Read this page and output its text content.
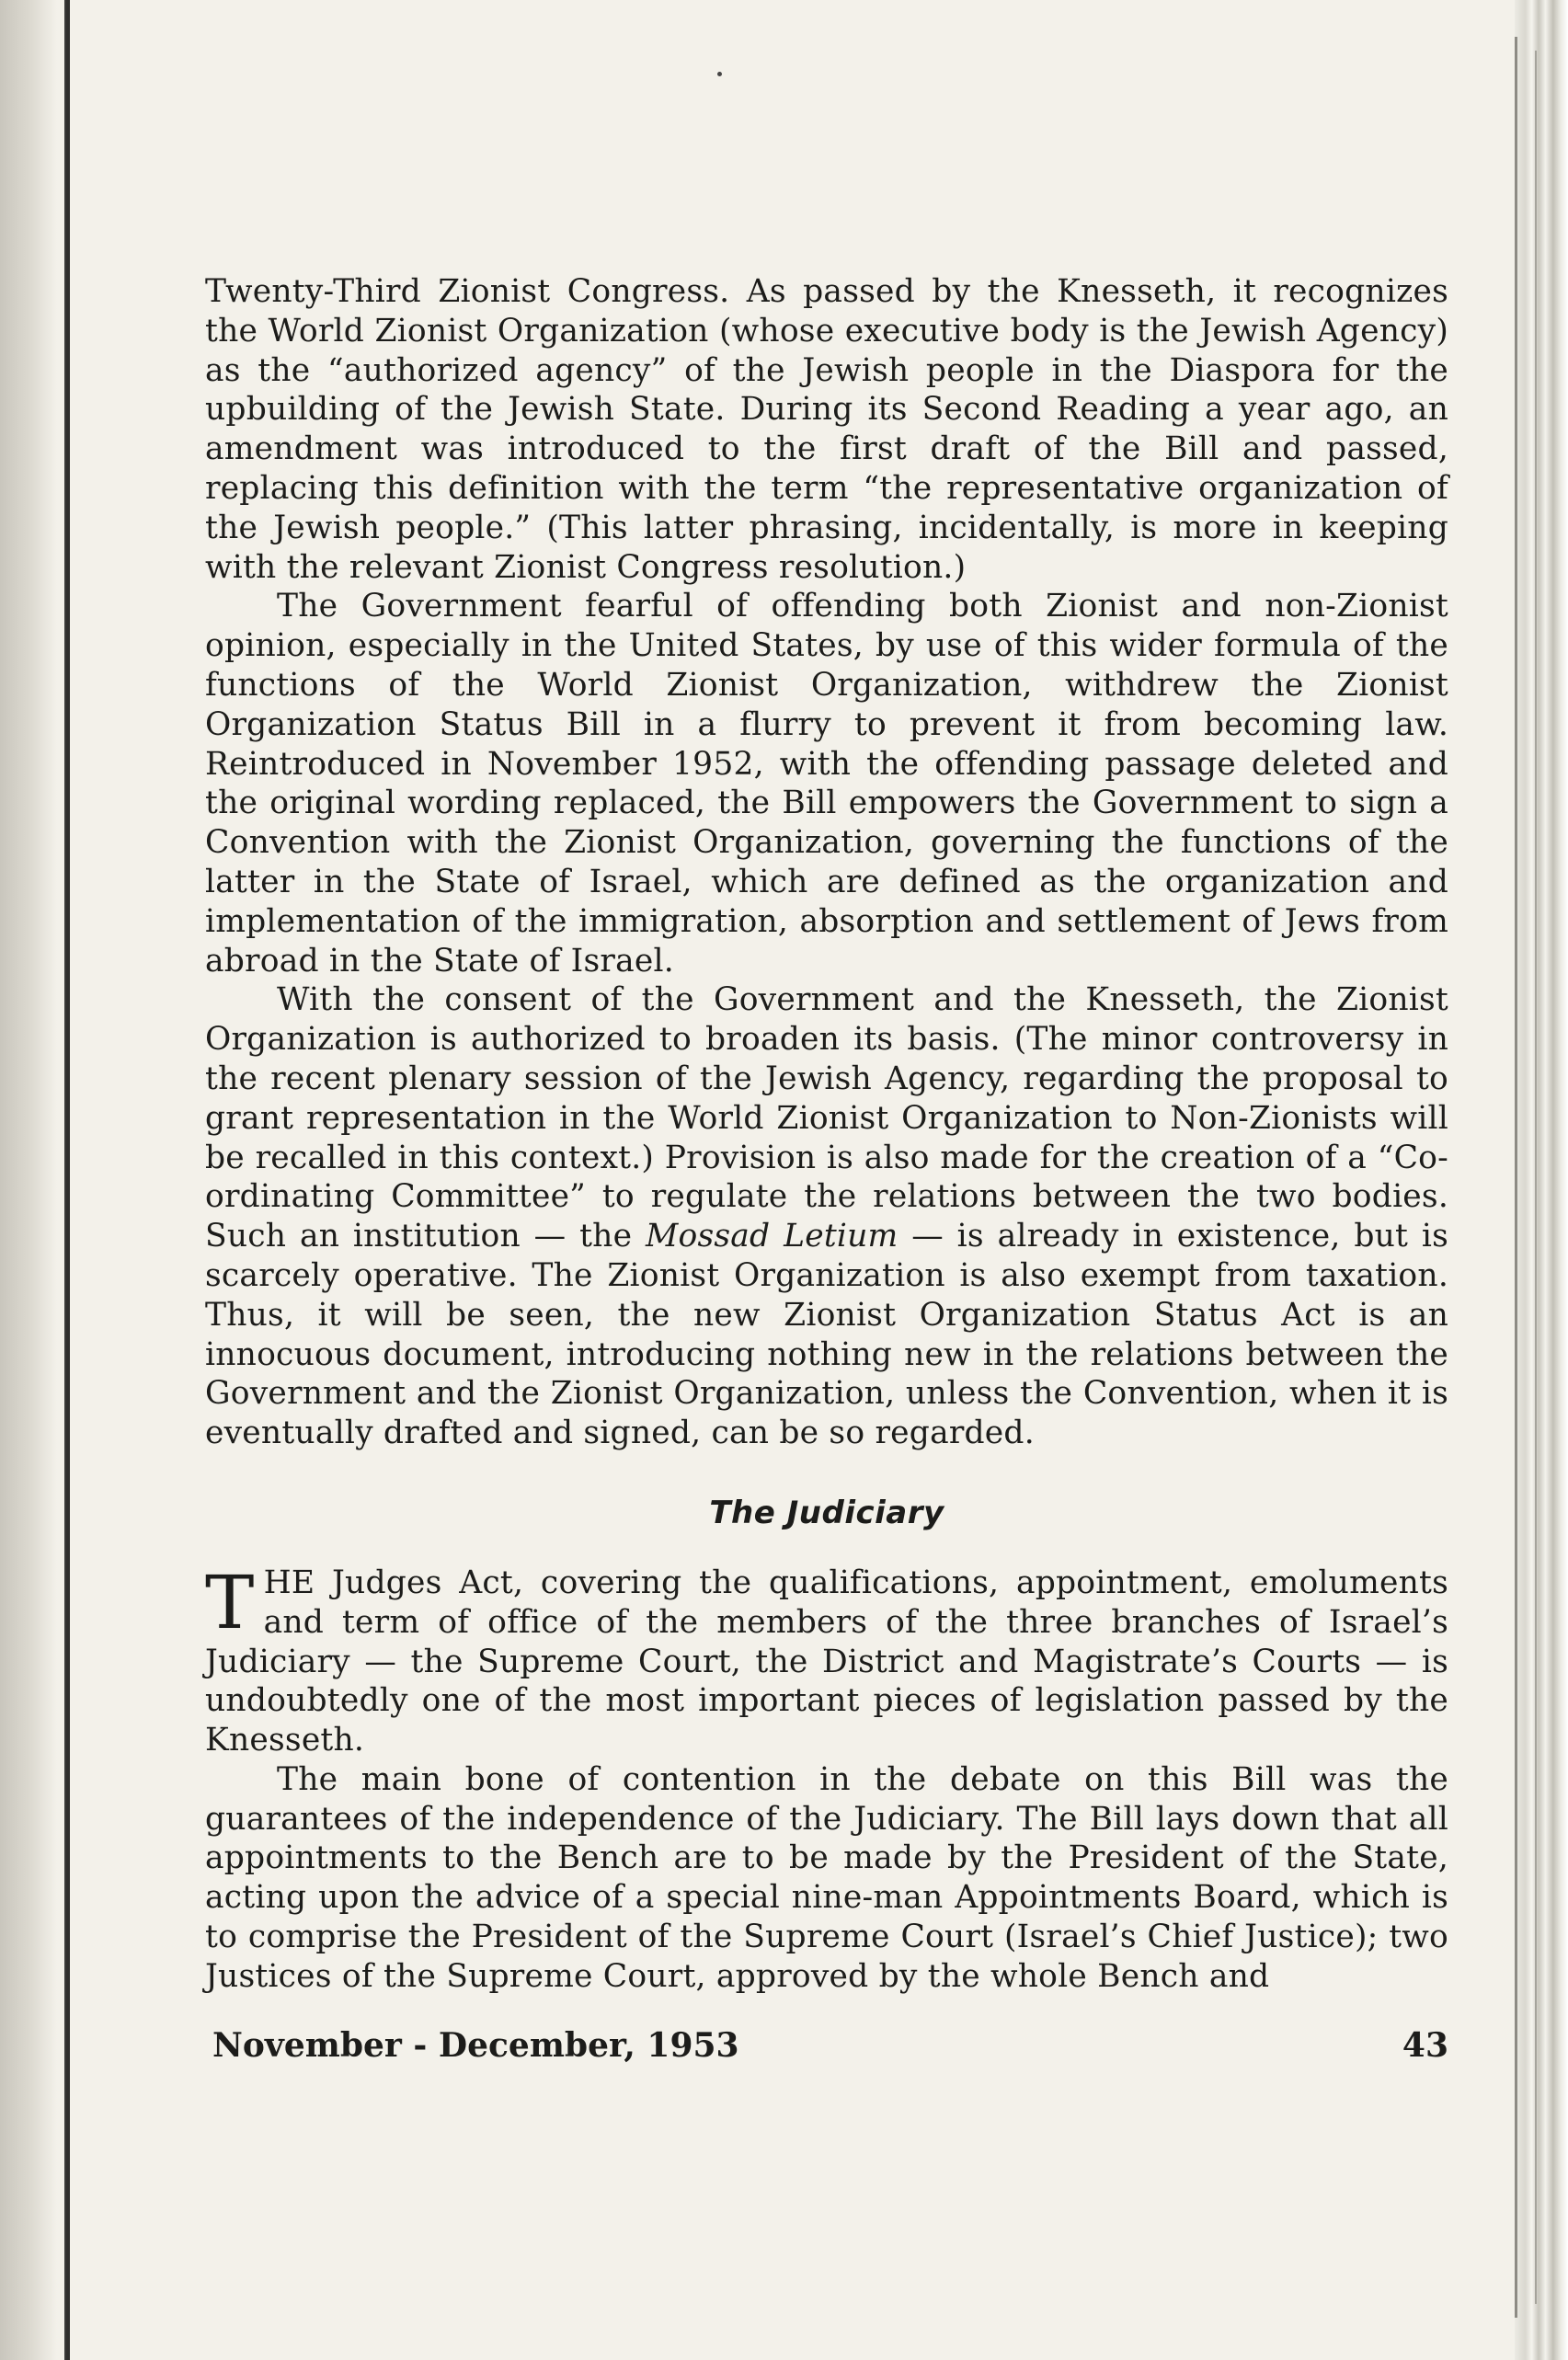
Twenty-Third Zionist Congress. As passed by the Knesseth, it recognizes the World Zionist Organization (whose executive body is the Jewish Agency) as the “authorized agency” of the Jewish people in the Diaspora for the upbuilding of the Jewish State. During its Second Reading a year ago, an amendment was introduced to the first draft of the Bill and passed, replacing this definition with the term “the representative organization of the Jewish people.” (This latter phrasing, incidentally, is more in keeping with the relevant Zionist Congress resolution.)

The Government fearful of offending both Zionist and non-Zionist opinion, especially in the United States, by use of this wider formula of the functions of the World Zionist Organization, withdrew the Zionist Organization Status Bill in a flurry to prevent it from becoming law. Reintroduced in November 1952, with the offending passage deleted and the original wording replaced, the Bill empowers the Government to sign a Convention with the Zionist Organization, governing the functions of the latter in the State of Israel, which are defined as the organization and implementation of the immigration, absorption and settlement of Jews from abroad in the State of Israel.

With the consent of the Government and the Knesseth, the Zionist Organization is authorized to broaden its basis. (The minor controversy in the recent plenary session of the Jewish Agency, regarding the proposal to grant representation in the World Zionist Organization to Non-Zionists will be recalled in this context.) Provision is also made for the creation of a “Co-ordinating Committee” to regulate the relations between the two bodies. Such an institution — the Mossad Letium — is already in existence, but is scarcely operative. The Zionist Organization is also exempt from taxation. Thus, it will be seen, the new Zionist Organization Status Act is an innocuous document, introducing nothing new in the relations between the Government and the Zionist Organization, unless the Convention, when it is eventually drafted and signed, can be so regarded.

The Judiciary

THE Judges Act, covering the qualifications, appointment, emoluments and term of office of the members of the three branches of Israel’s Judiciary — the Supreme Court, the District and Magistrate’s Courts — is undoubtedly one of the most important pieces of legislation passed by the Knesseth.

The main bone of contention in the debate on this Bill was the guarantees of the independence of the Judiciary. The Bill lays down that all appointments to the Bench are to be made by the President of the State, acting upon the advice of a special nine-man Appointments Board, which is to comprise the President of the Supreme Court (Israel’s Chief Justice); two Justices of the Supreme Court, approved by the whole Bench and

November - December, 1953	43
